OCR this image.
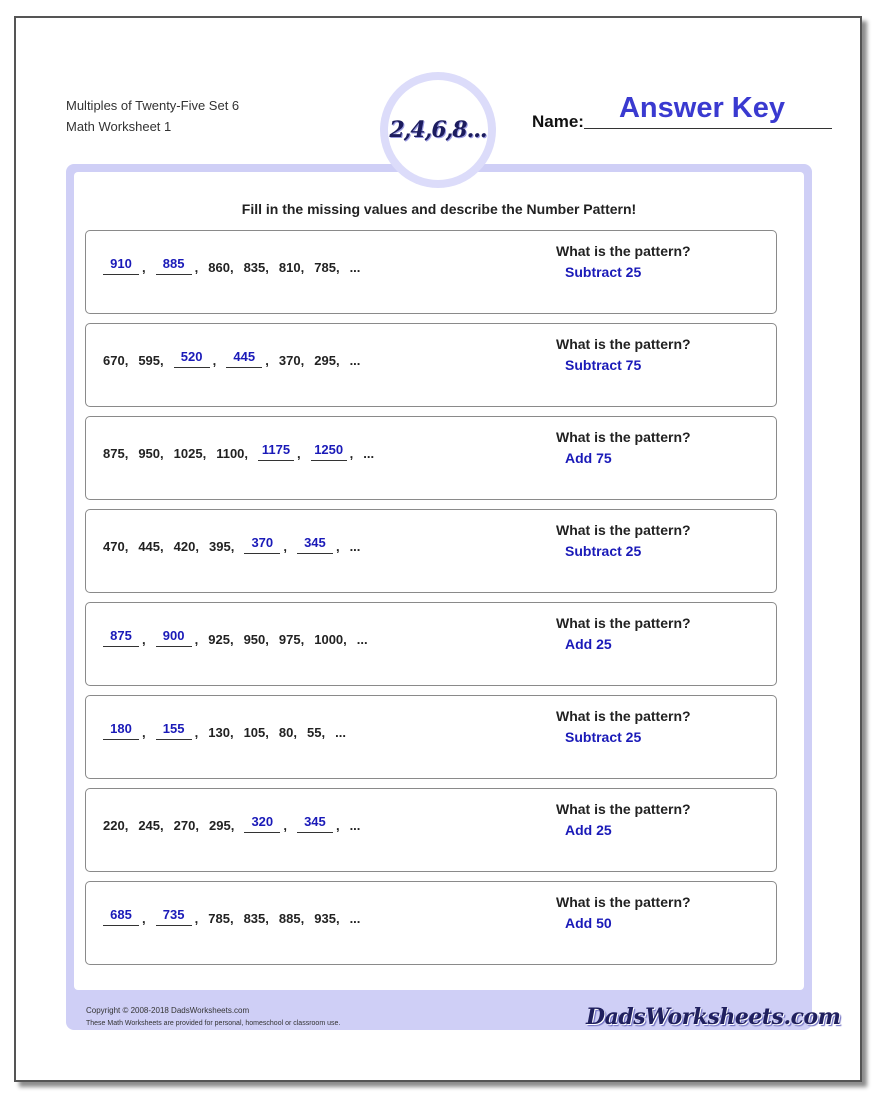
Multiples of Twenty-Five Set 6
Math Worksheet 1	Name:	Answer Key
Fill in the missing values and describe the Number Pattern!
910 ,	885 , 860 , 835 , 810 , 785 , ...
What is the pattern?
Subtract 25
670 , 595 ,	520 ,	445 , 370 , 295 , ...
What is the pattern?
Subtract 75
875 , 950 , 1025 , 1100 , 1175 , 1250 , ...
What is the pattern?
Add 75
470 , 445 , 420 , 395 ,	370 ,	345 , ...
What is the pattern?
Subtract 25
875 ,	900 , 925 , 950 , 975 , 1000 , ...
What is the pattern?
Add 25
180 ,	155 , 130 , 105 , 80 , 55 , ...
What is the pattern?
Subtract 25
220 , 245 , 270 , 295 ,	320 ,	345 , ...
What is the pattern?
Add 25
685 ,	735 , 785 , 835 , 885 , 935 , ...
What is the pattern?
Add 50
Copyright © 2008-2018 DadsWorksheets.com
These Math Worksheets are provided for personal, homeschool or classroom use.	DadsWorksheets.com
2,4,6,8...
